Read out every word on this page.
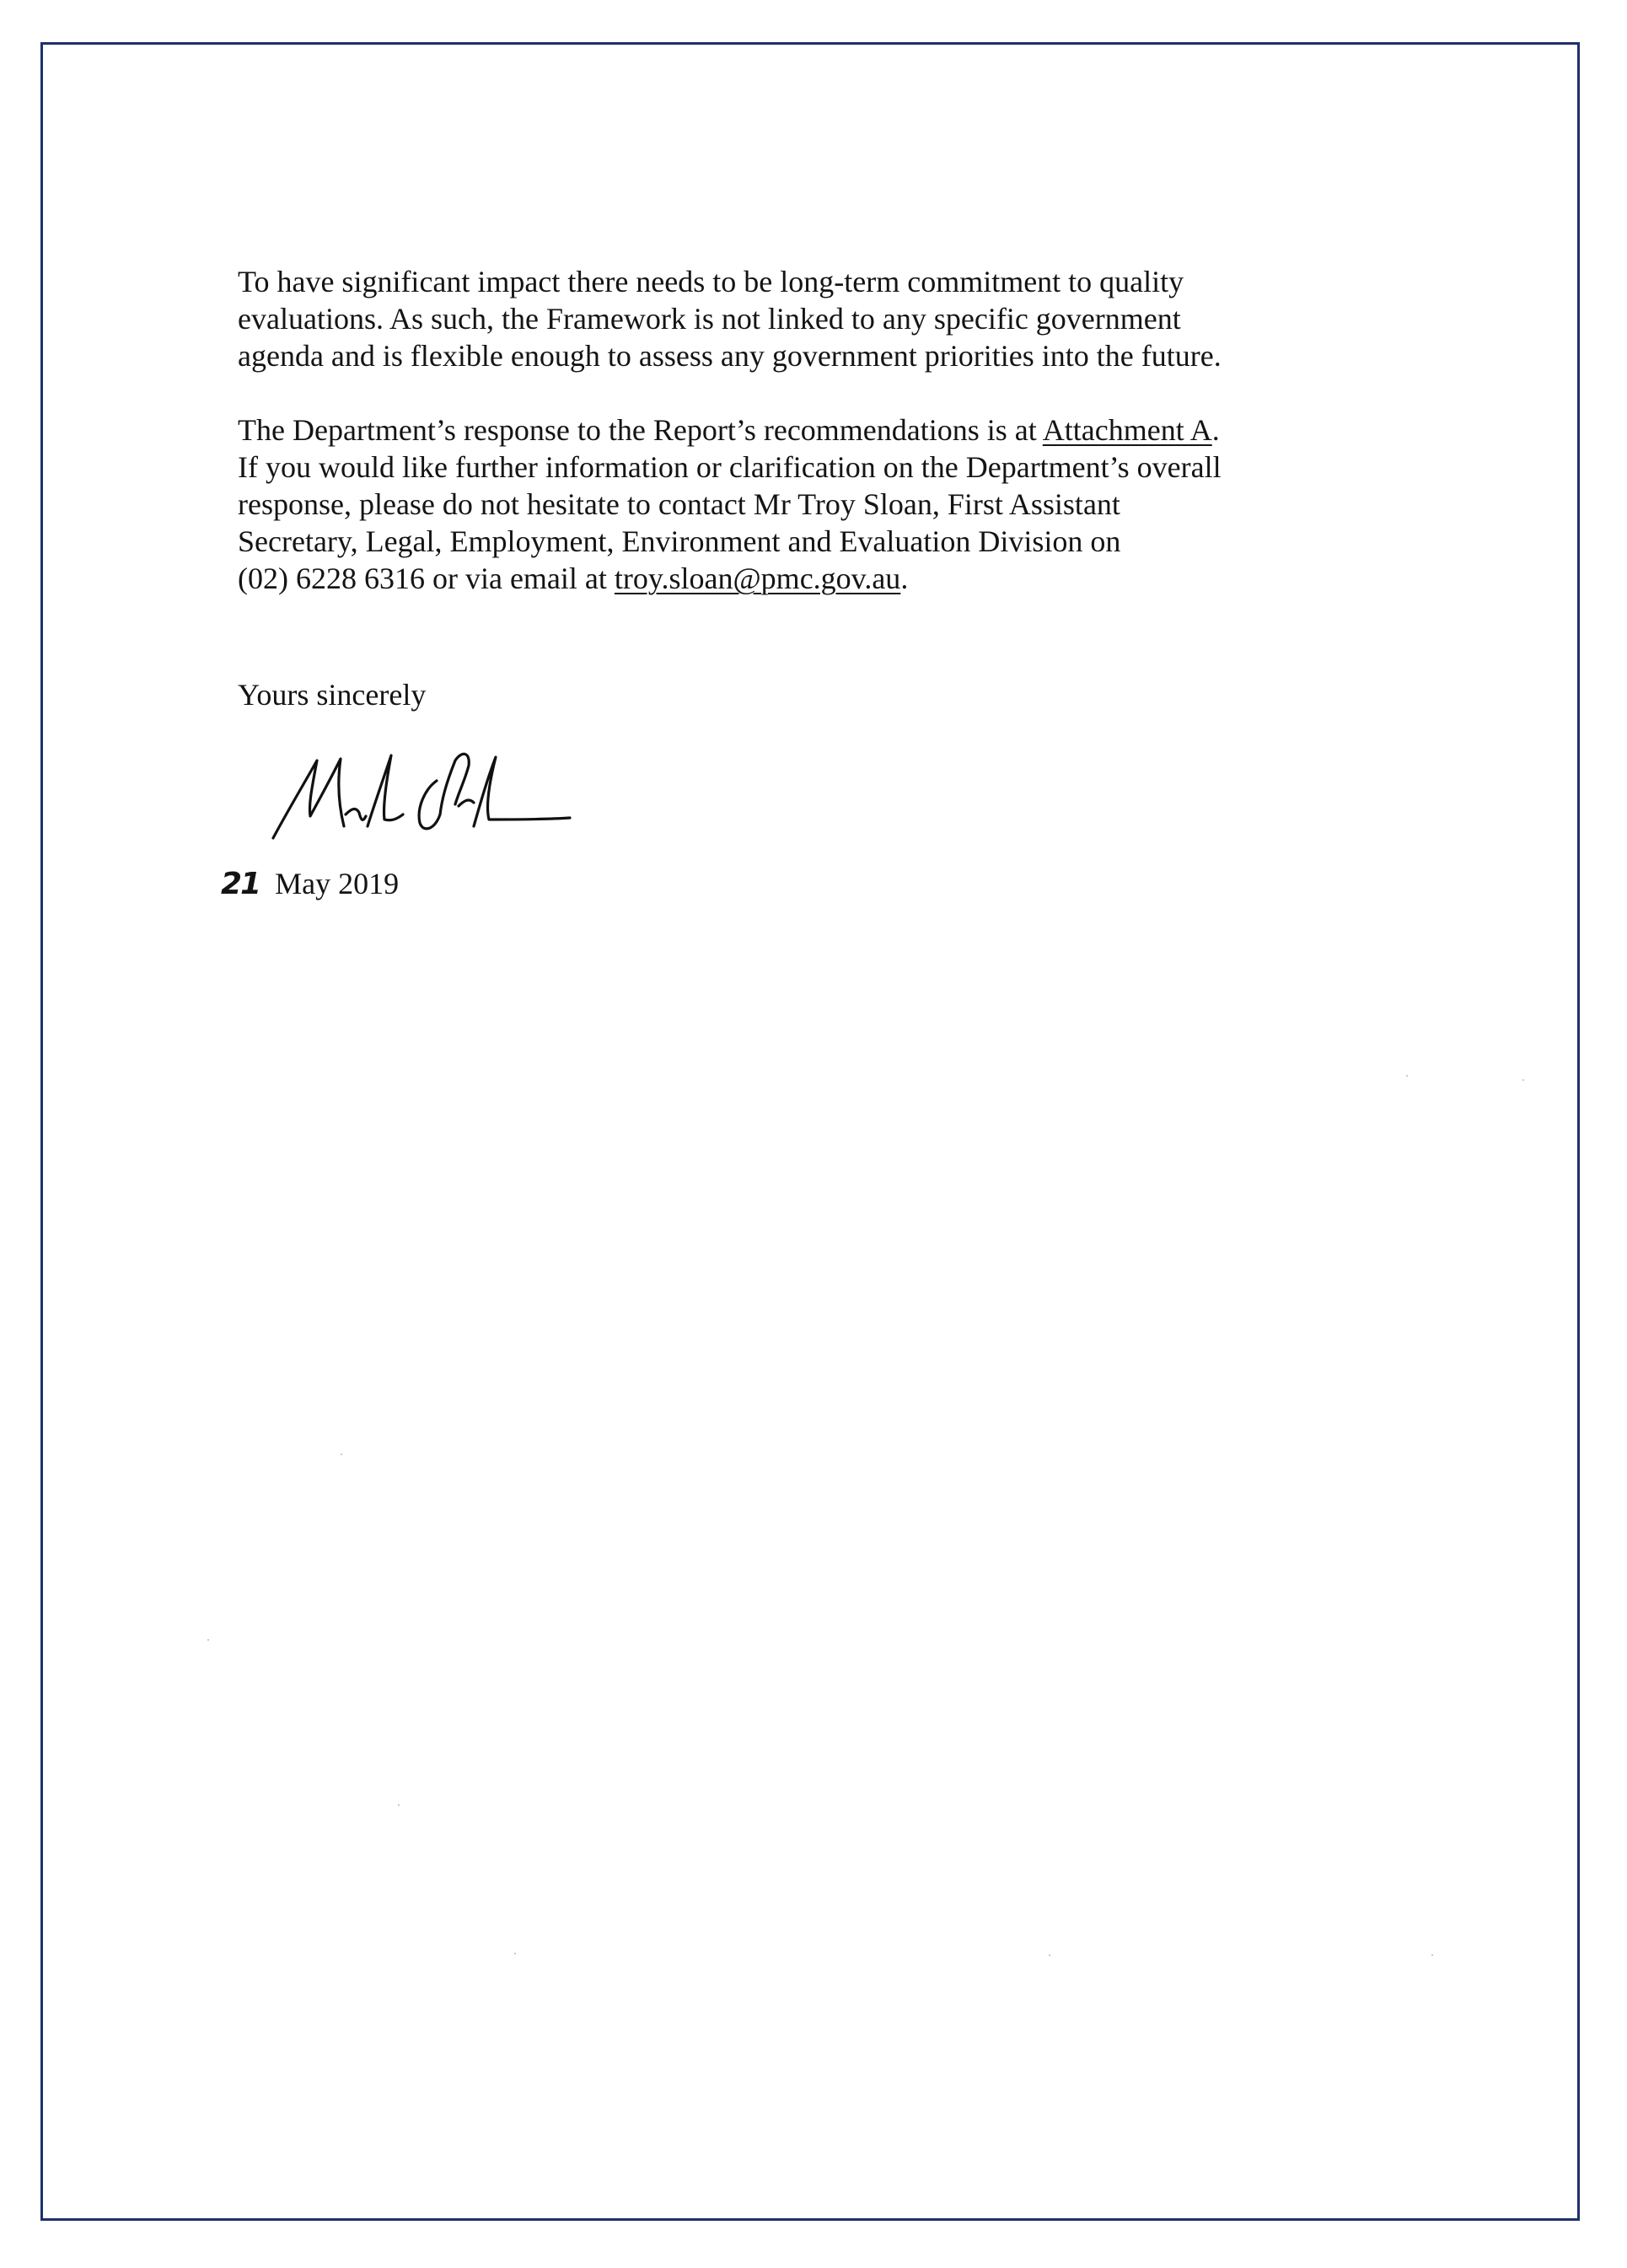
To have significant impact there needs to be long-term commitment to quality
evaluations. As such, the Framework is not linked to any specific government
agenda and is flexible enough to assess any government priorities into the future.

The Department’s response to the Report’s recommendations is at Attachment A.
If you would like further information or clarification on the Department’s overall
response, please do not hesitate to contact Mr Troy Sloan, First Assistant
Secretary, Legal, Employment, Environment and Evaluation Division on
(02) 6228 6316 or via email at troy.sloan@pmc.gov.au.

Yours sincerely
21 May 2019
